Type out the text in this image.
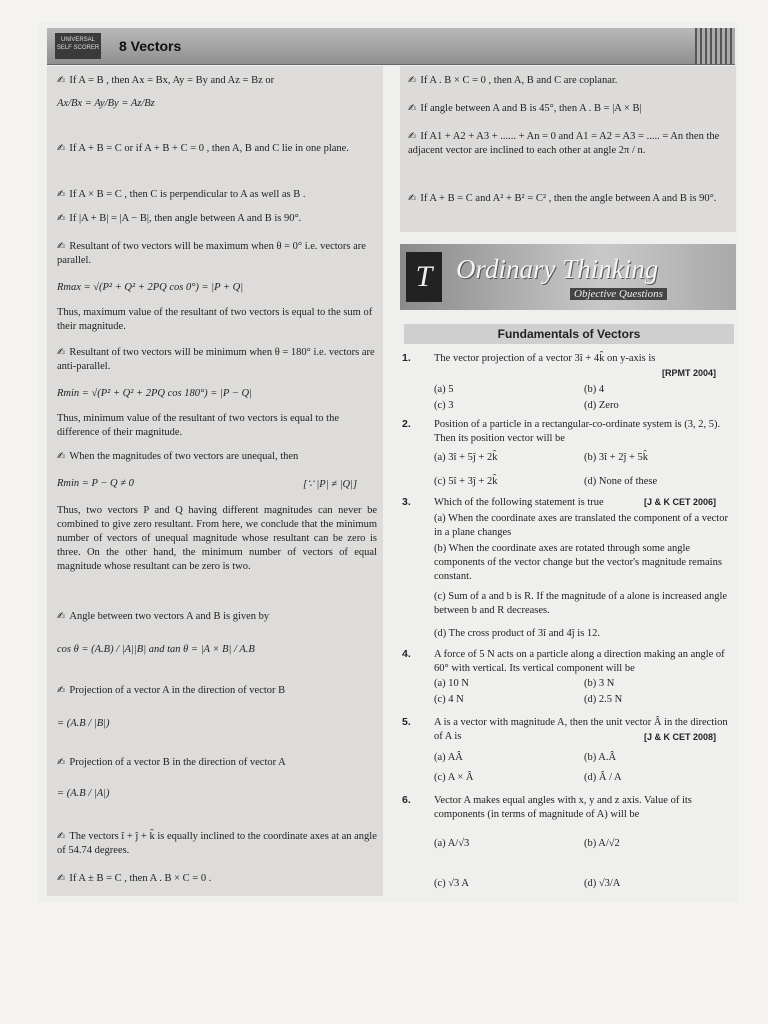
UNIVERSAL SELF SCORER 8 Vectors
✍ If A = B , then Ax = Bx, Ay = By and Az = Bz or
Ax/Bx = Ay/By = Az/Bz
✍ If A + B = C or if A + B + C = 0 , then A, B and C lie in one plane.
✍ If A × B = C , then C is perpendicular to A as well as B .
✍ If |A + B| = |A − B|, then angle between A and B is 90°.
✍ Resultant of two vectors will be maximum when θ = 0° i.e. vectors are parallel.
Rmax = √(P² + Q² + 2PQ cos 0°) = |P + Q|
Thus, maximum value of the resultant of two vectors is equal to the sum of their magnitude.
✍ Resultant of two vectors will be minimum when θ = 180° i.e. vectors are anti-parallel.
Rmin = √(P² + Q² + 2PQ cos 180°) = |P − Q|
Thus, minimum value of the resultant of two vectors is equal to the difference of their magnitude.
✍ When the magnitudes of two vectors are unequal, then
Rmin = P − Q ≠ 0	[∵ |P| ≠ |Q|]
Thus, two vectors P and Q having different magnitudes can never be combined to give zero resultant. From here, we conclude that the minimum number of vectors of unequal magnitude whose resultant can be zero is three. On the other hand, the minimum number of vectors of equal magnitude whose resultant can be zero is two.
✍ Angle between two vectors A and B is given by
cos θ = (A.B) / |A||B| and tan θ = |A × B| / A.B
✍ Projection of a vector A in the direction of vector B
= (A.B / |B|)
✍ Projection of a vector B in the direction of vector A
= (A.B / |A|)
✍ The vectors î + ĵ + k̂ is equally inclined to the coordinate axes at an angle of 54.74 degrees.
✍ If A ± B = C , then A . B × C = 0 .
✍ If A . B × C = 0 , then A, B and C are coplanar.
✍ If angle between A and B is 45°, then A . B = |A × B|
✍ If A1 + A2 + A3 + ...... + An = 0 and A1 = A2 = A3 = ..... = An then the adjacent vector are inclined to each other at angle 2π / n.
✍ If A + B = C and A² + B² = C² , then the angle between A and B is 90°.
T Ordinary Thinking
Objective Questions
Fundamentals of Vectors
1. The vector projection of a vector 3î + 4k̂ on y-axis is
[RPMT 2004]
(a) 5	(b) 4
(c) 3	(d) Zero
2. Position of a particle in a rectangular-co-ordinate system is (3, 2, 5). Then its position vector will be
(a) 3î + 5ĵ + 2k̂	(b) 3î + 2ĵ + 5k̂
(c) 5î + 3ĵ + 2k̂	(d) None of these
3. Which of the following statement is true	[J & K CET 2006]
(a) When the coordinate axes are translated the component of a vector in a plane changes
(b) When the coordinate axes are rotated through some angle components of the vector change but the vector's magnitude remains constant.
(c) Sum of a and b is R. If the magnitude of a alone is increased angle between b and R decreases.
(d) The cross product of 3î and 4ĵ is 12.
4. A force of 5 N acts on a particle along a direction making an angle of 60° with vertical. Its vertical component will be
(a) 10 N	(b) 3 N
(c) 4 N	(d) 2.5 N
5. A is a vector with magnitude A, then the unit vector Â in the direction of A is	[J & K CET 2008]
(a) AÂ	(b) A.Â
(c) A × Â	(d) Â / A
6. Vector A makes equal angles with x, y and z axis. Value of its components (in terms of magnitude of A) will be
(a) A/√3	(b) A/√2
(c) √3 A	(d) √3/A
